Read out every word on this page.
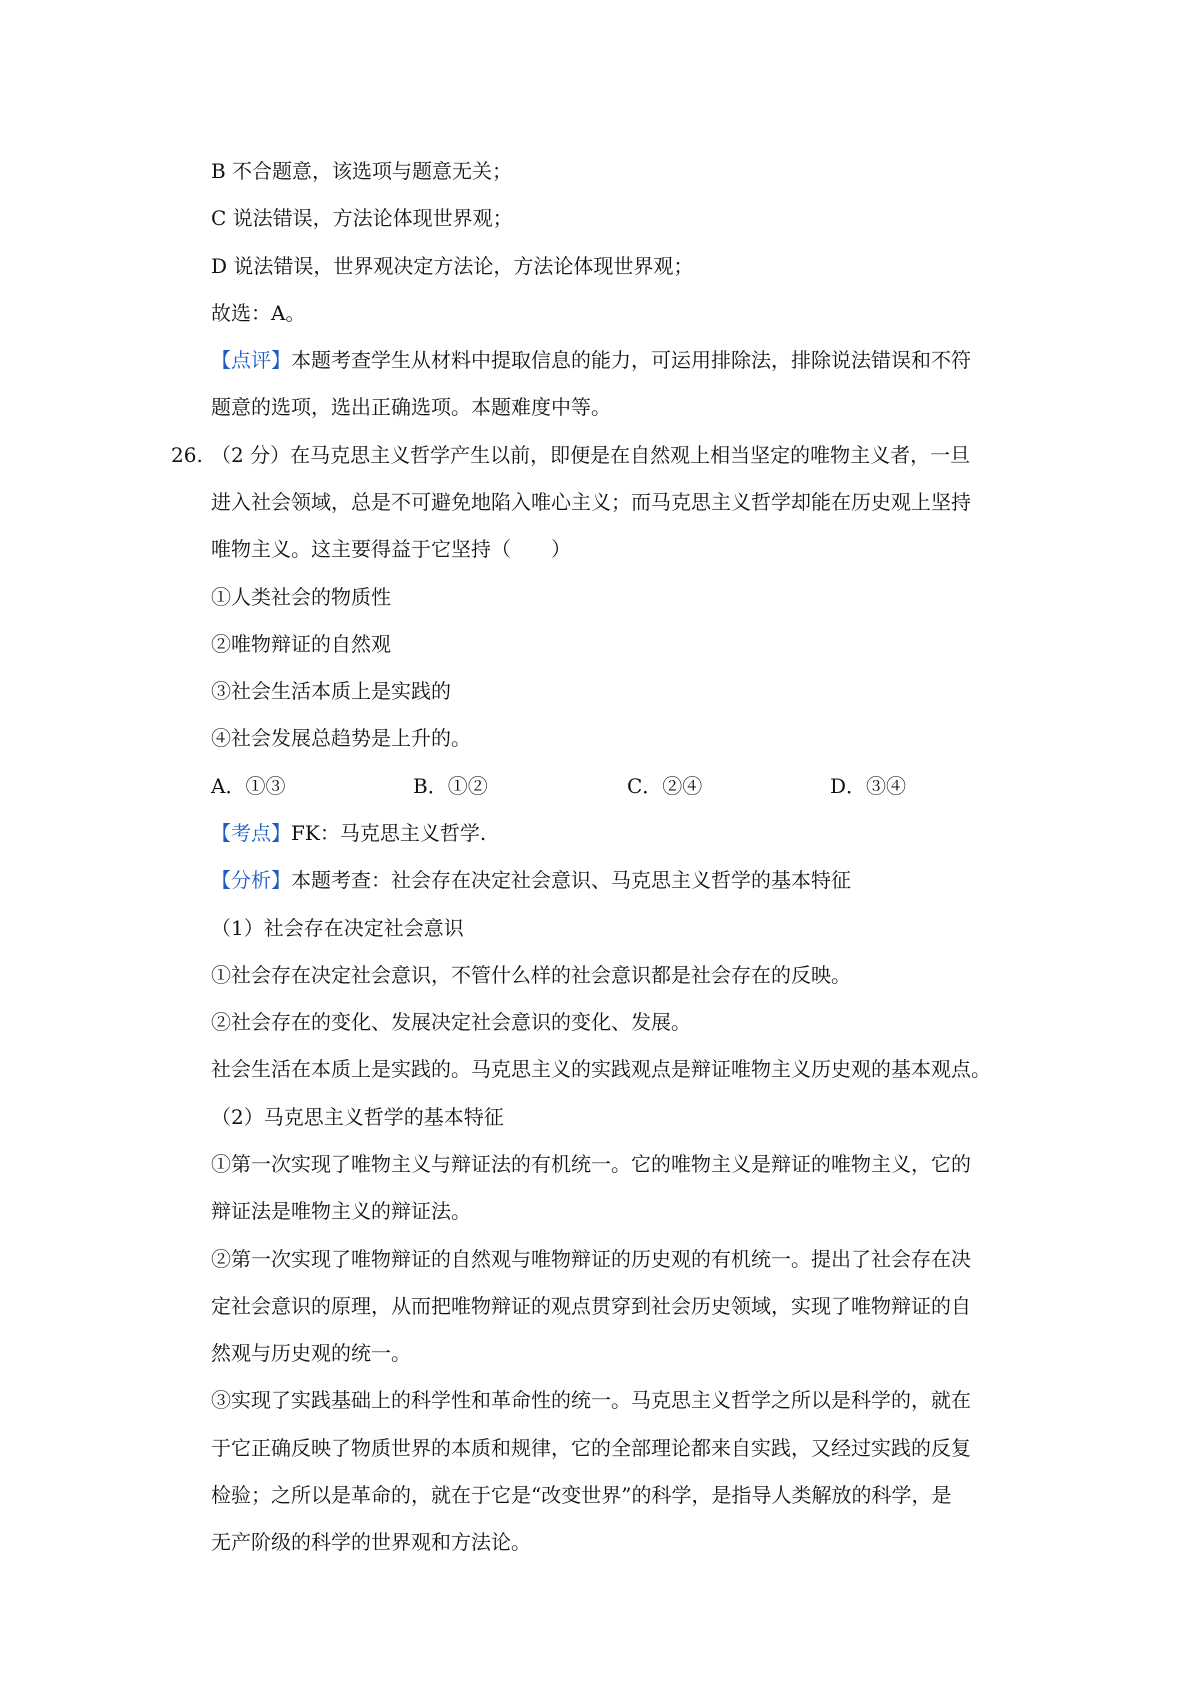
B 不合题意，该选项与题意无关；
C 说法错误，方法论体现世界观；
D 说法错误，世界观决定方法论，方法论体现世界观；
故选：A。
【点评】本题考查学生从材料中提取信息的能力，可运用排除法，排除说法错误和不符
题意的选项，选出正确选项。本题难度中等。
26. （2 分）在马克思主义哲学产生以前，即便是在自然观上相当坚定的唯物主义者，一旦
进入社会领域，总是不可避免地陷入唯心主义；而马克思主义哲学却能在历史观上坚持
唯物主义。这主要得益于它坚持（　　）
①人类社会的物质性
②唯物辩证的自然观
③社会生活本质上是实践的
④社会发展总趋势是上升的。
A．①③	B．①②	C．②④	D．③④
【考点】FK：马克思主义哲学.
【分析】本题考查：社会存在决定社会意识、马克思主义哲学的基本特征
（1）社会存在决定社会意识
①社会存在决定社会意识，不管什么样的社会意识都是社会存在的反映。
②社会存在的变化、发展决定社会意识的变化、发展。
社会生活在本质上是实践的。马克思主义的实践观点是辩证唯物主义历史观的基本观点。
（2）马克思主义哲学的基本特征
①第一次实现了唯物主义与辩证法的有机统一。它的唯物主义是辩证的唯物主义，它的
辩证法是唯物主义的辩证法。
②第一次实现了唯物辩证的自然观与唯物辩证的历史观的有机统一。提出了社会存在决
定社会意识的原理，从而把唯物辩证的观点贯穿到社会历史领域，实现了唯物辩证的自
然观与历史观的统一。
③实现了实践基础上的科学性和革命性的统一。马克思主义哲学之所以是科学的，就在
于它正确反映了物质世界的本质和规律，它的全部理论都来自实践，又经过实践的反复
检验；之所以是革命的，就在于它是“改变世界”的科学，是指导人类解放的科学，是
无产阶级的科学的世界观和方法论。
